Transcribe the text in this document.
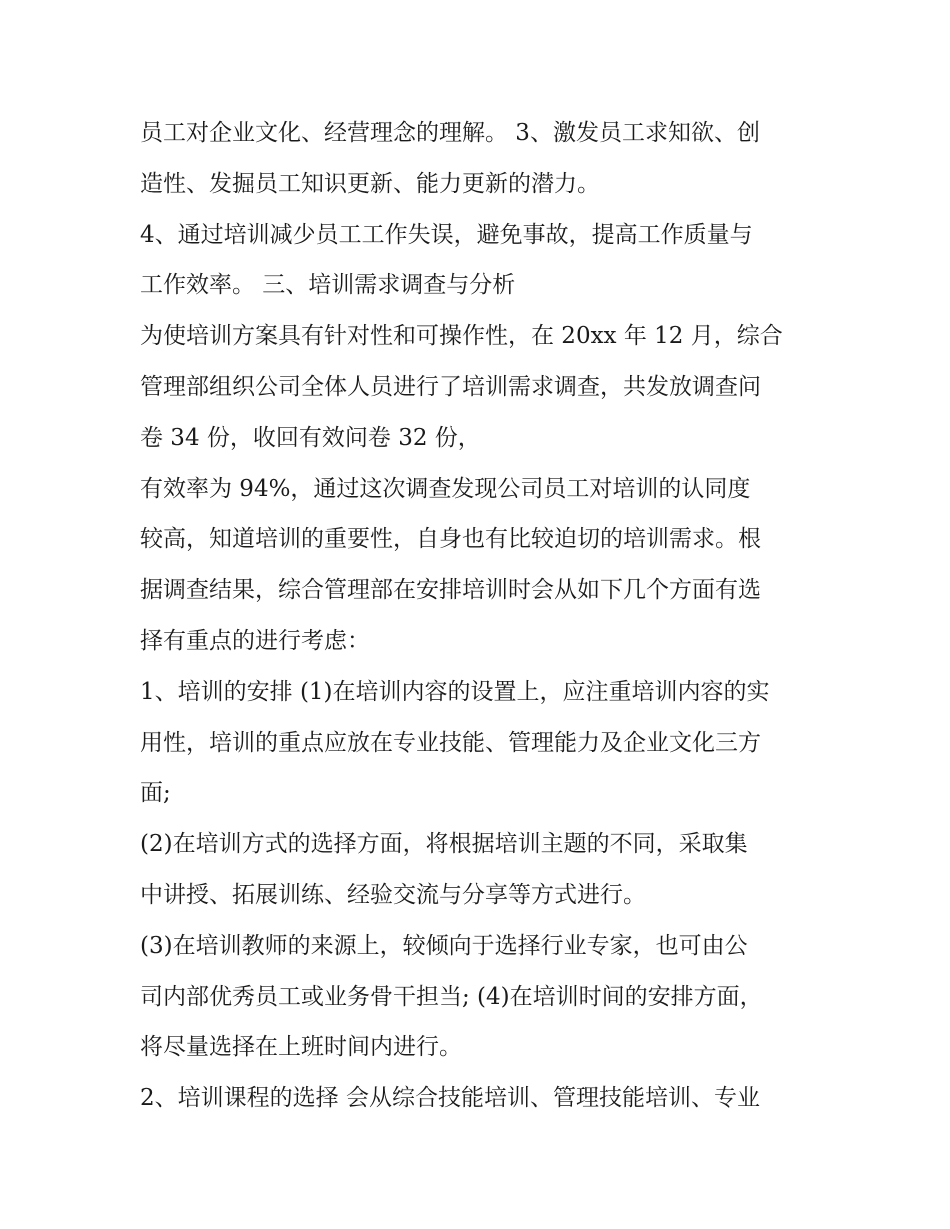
员工对企业文化、经营理念的理解。 3、激发员工求知欲、创
造性、发掘员工知识更新、能力更新的潜力。
4、通过培训减少员工工作失误，避免事故，提高工作质量与
工作效率。 三、培训需求调查与分析
为使培训方案具有针对性和可操作性，在 20xx 年 12 月，综合
管理部组织公司全体人员进行了培训需求调查，共发放调查问
卷 34 份，收回有效问卷 32 份，
有效率为 94%，通过这次调查发现公司员工对培训的认同度
较高，知道培训的重要性，自身也有比较迫切的培训需求。根
据调查结果，综合管理部在安排培训时会从如下几个方面有选
择有重点的进行考虑：
1、培训的安排 (1)在培训内容的设置上，应注重培训内容的实
用性，培训的重点应放在专业技能、管理能力及企业文化三方
面;
(2)在培训方式的选择方面，将根据培训主题的不同，采取集
中讲授、拓展训练、经验交流与分享等方式进行。
(3)在培训教师的来源上，较倾向于选择行业专家，也可由公
司内部优秀员工或业务骨干担当; (4)在培训时间的安排方面，
将尽量选择在上班时间内进行。
2、培训课程的选择 会从综合技能培训、管理技能培训、专业
